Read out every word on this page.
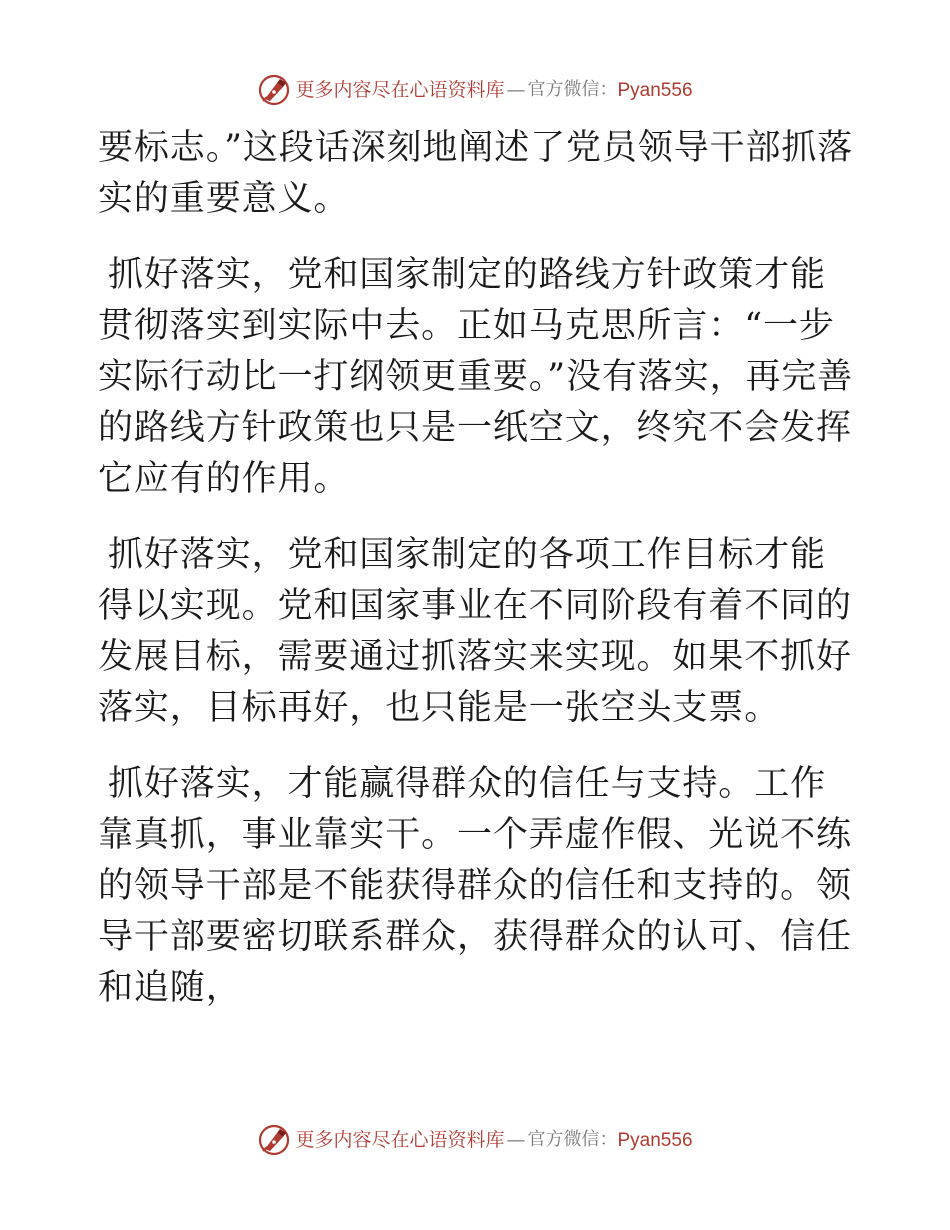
更多内容尽在心语资料库 — 官方微信： Pyan556

要标志。”这段话深刻地阐述了党员领导干部抓落实的重要意义。

抓好落实，党和国家制定的路线方针政策才能贯彻落实到实际中去。正如马克思所言：“一步实际行动比一打纲领更重要。”没有落实，再完善的路线方针政策也只是一纸空文，终究不会发挥它应有的作用。

抓好落实，党和国家制定的各项工作目标才能得以实现。党和国家事业在不同阶段有着不同的发展目标，需要通过抓落实来实现。如果不抓好落实，目标再好，也只能是一张空头支票。

抓好落实，才能赢得群众的信任与支持。工作靠真抓，事业靠实干。一个弄虚作假、光说不练的领导干部是不能获得群众的信任和支持的。领导干部要密切联系群众，获得群众的认可、信任和追随，

更多内容尽在心语资料库 — 官方微信： Pyan556
